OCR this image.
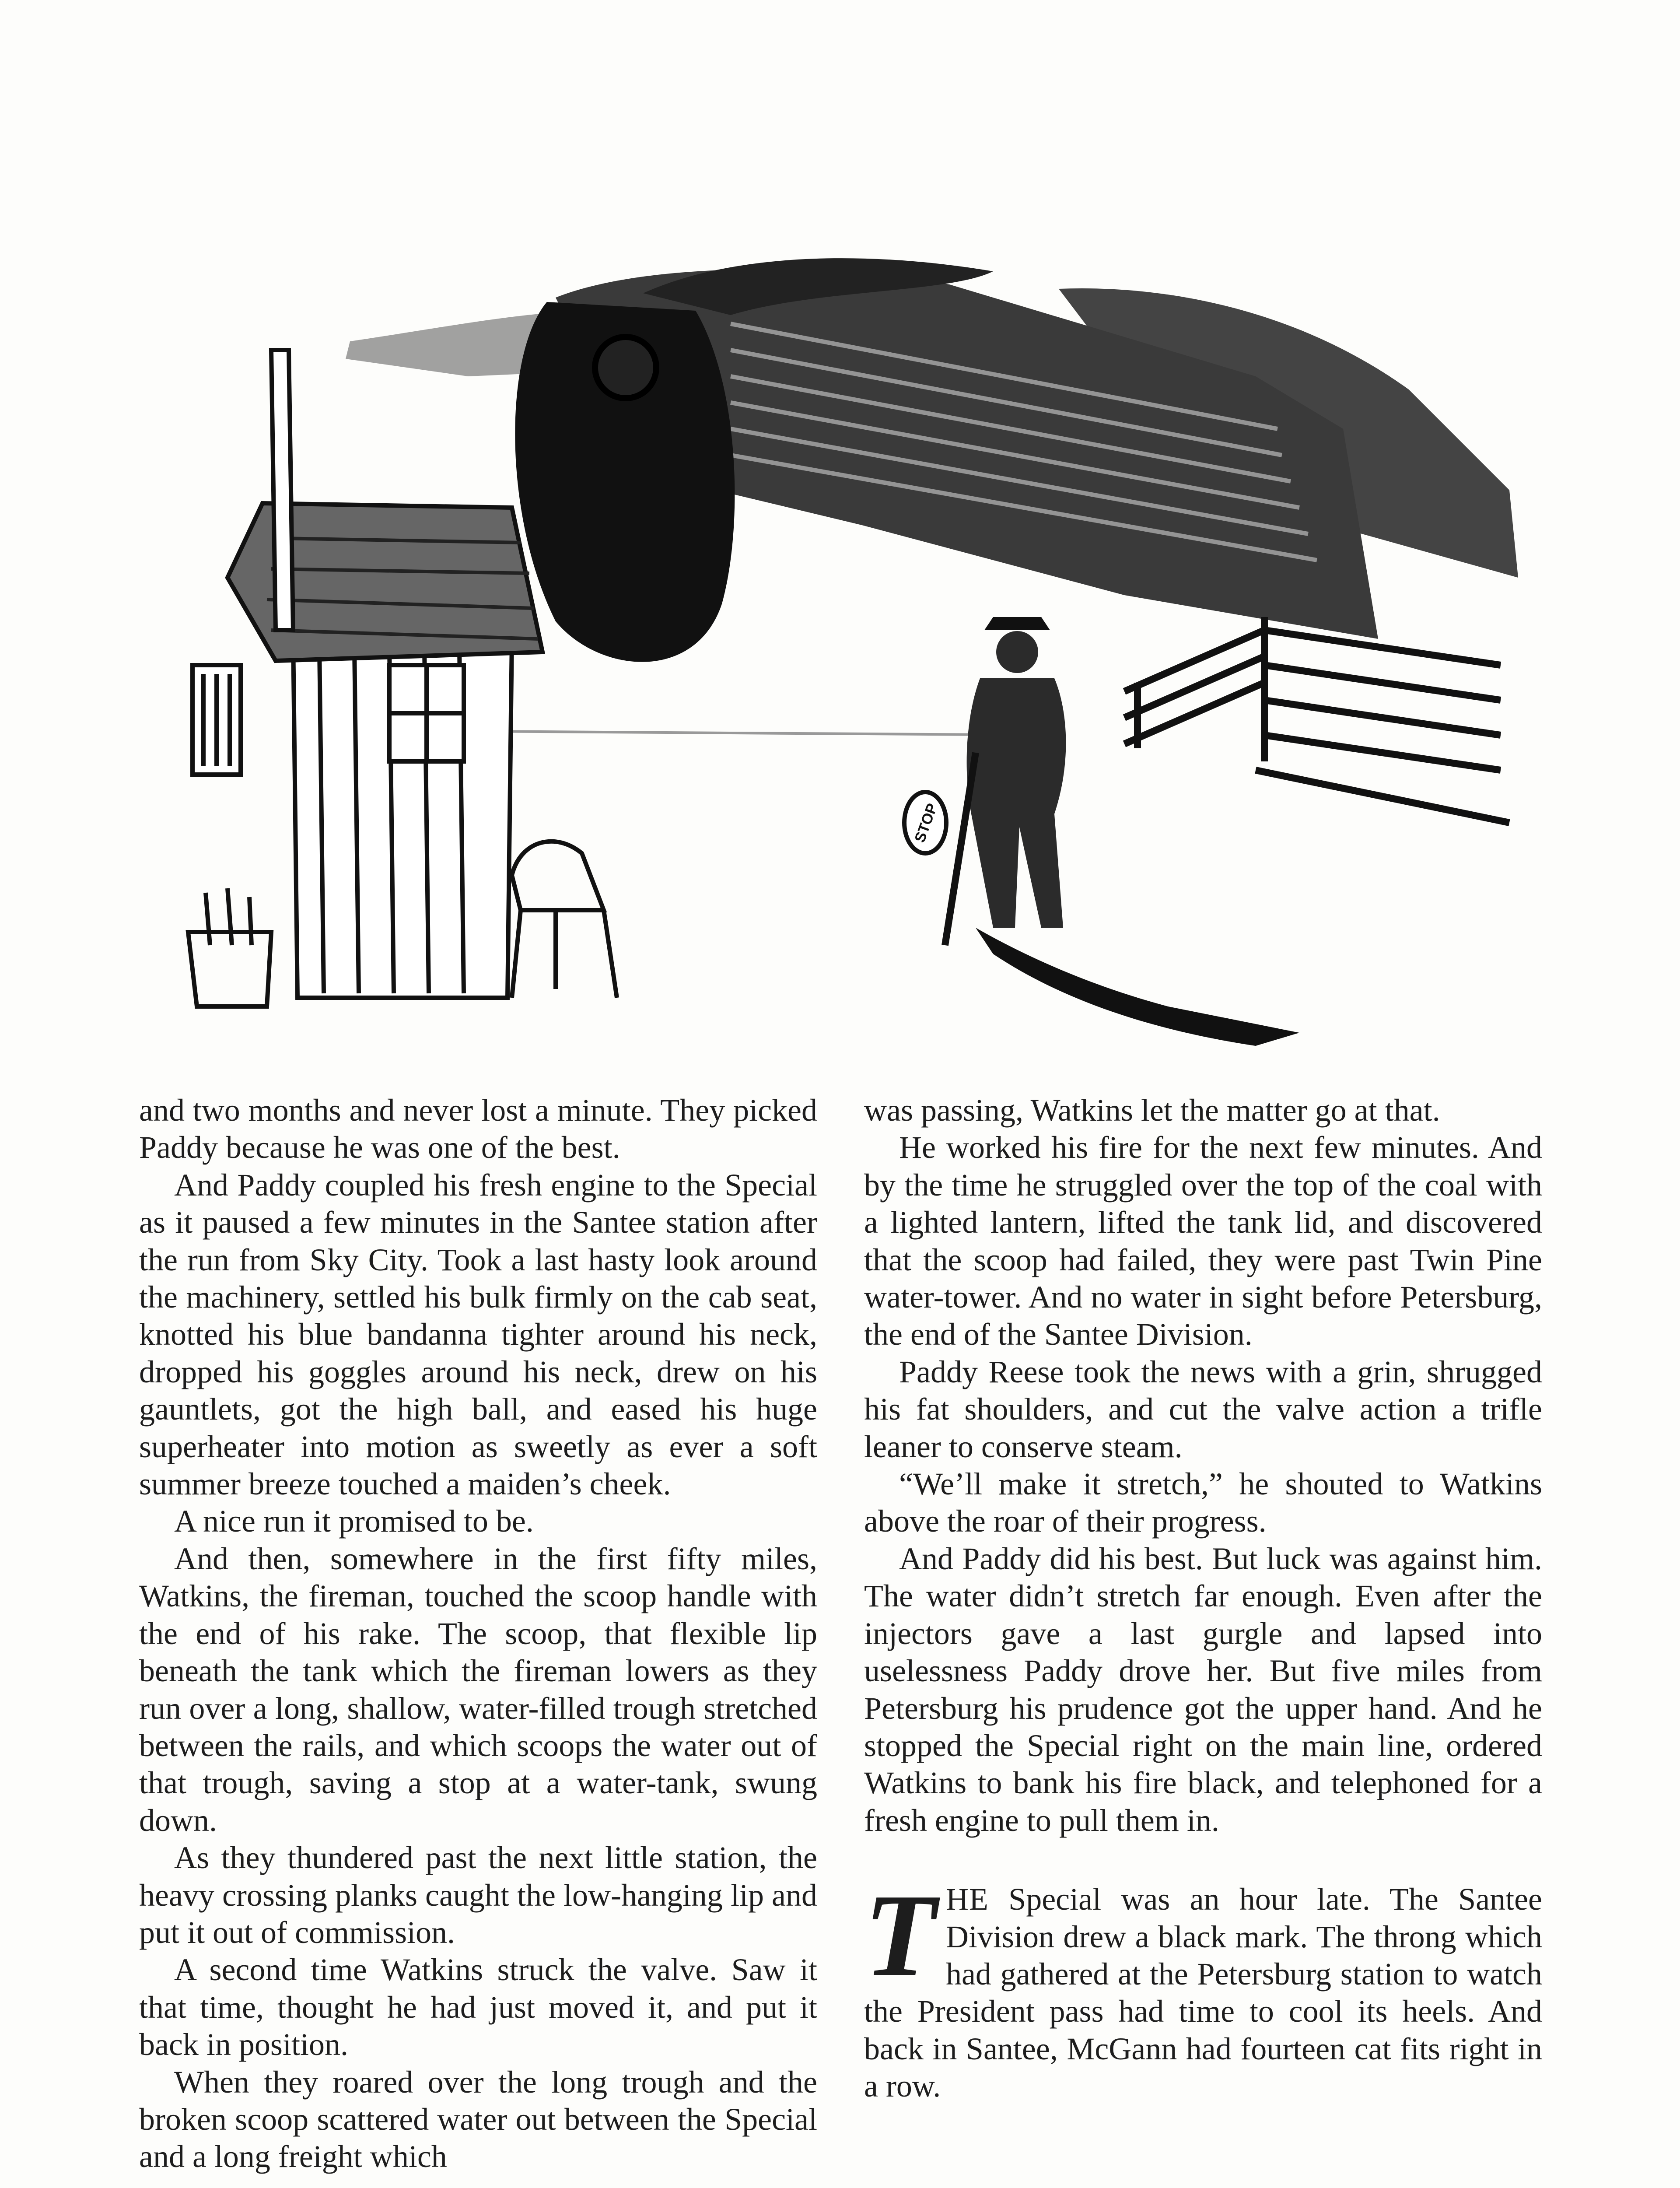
STOP

and two months and never lost a minute. They picked Paddy because he was one of the best.

And Paddy coupled his fresh engine to the Special as it paused a few minutes in the Santee station after the run from Sky City. Took a last hasty look around the machinery, settled his bulk firmly on the cab seat, knotted his blue bandanna tighter around his neck, dropped his goggles around his neck, drew on his gauntlets, got the high ball, and eased his huge superheater into motion as sweetly as ever a soft summer breeze touched a maiden’s cheek.

A nice run it promised to be.

And then, somewhere in the first fifty miles, Watkins, the fireman, touched the scoop handle with the end of his rake. The scoop, that flexible lip beneath the tank which the fireman lowers as they run over a long, shallow, water-filled trough stretched between the rails, and which scoops the water out of that trough, saving a stop at a water-tank, swung down.

As they thundered past the next little station, the heavy crossing planks caught the low-hanging lip and put it out of commission.

A second time Watkins struck the valve. Saw it that time, thought he had just moved it, and put it back in position.

When they roared over the long trough and the broken scoop scattered water out between the Special and a long freight which

was passing, Watkins let the matter go at that.

He worked his fire for the next few minutes. And by the time he struggled over the top of the coal with a lighted lantern, lifted the tank lid, and discovered that the scoop had failed, they were past Twin Pine water-tower. And no water in sight before Petersburg, the end of the Santee Division.

Paddy Reese took the news with a grin, shrugged his fat shoulders, and cut the valve action a trifle leaner to conserve steam.

“We’ll make it stretch,” he shouted to Watkins above the roar of their progress.

And Paddy did his best. But luck was against him. The water didn’t stretch far enough. Even after the injectors gave a last gurgle and lapsed into uselessness Paddy drove her. But five miles from Petersburg his prudence got the upper hand. And he stopped the Special right on the main line, ordered Watkins to bank his fire black, and telephoned for a fresh engine to pull them in.

THE Special was an hour late. The Santee Division drew a black mark. The throng which had gathered at the Petersburg station to watch the President pass had time to cool its heels. And back in Santee, McGann had fourteen cat fits right in a row.
